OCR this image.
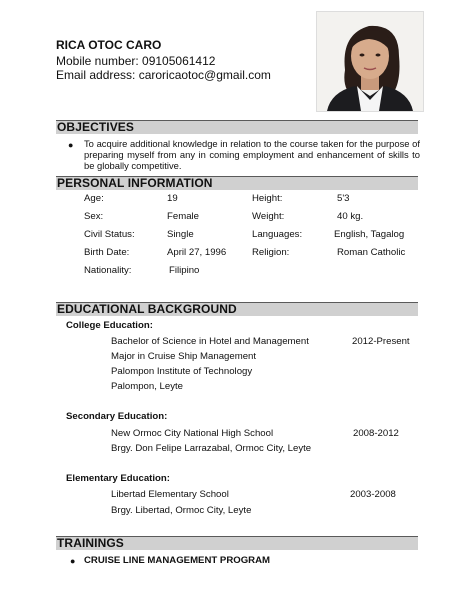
RICA OTOC CARO
Mobile number: 09105061412
Email address: caroricaotoc@gmail.com
OBJECTIVES
● To acquire additional knowledge in relation to the course taken for the purpose of preparing myself from any in coming employment and enhancement of skills to be globally competitive.
PERSONAL INFORMATION
Age:	19	Height:	5'3
Sex:	Female	Weight:	40 kg.
Civil Status:	Single	Languages:	English, Tagalog
Birth Date:	April 27, 1996	Religion:	Roman Catholic
Nationality:	Filipino
EDUCATIONAL BACKGROUND
College Education:
Bachelor of Science in Hotel and Management	2012-Present
Major in Cruise Ship Management
Palompon Institute of Technology
Palompon, Leyte
Secondary Education:
New Ormoc City National High School	2008-2012
Brgy. Don Felipe Larrazabal, Ormoc City, Leyte
Elementary Education:
Libertad Elementary School	2003-2008
Brgy. Libertad, Ormoc City, Leyte
TRAININGS
● CRUISE LINE MANAGEMENT PROGRAM
